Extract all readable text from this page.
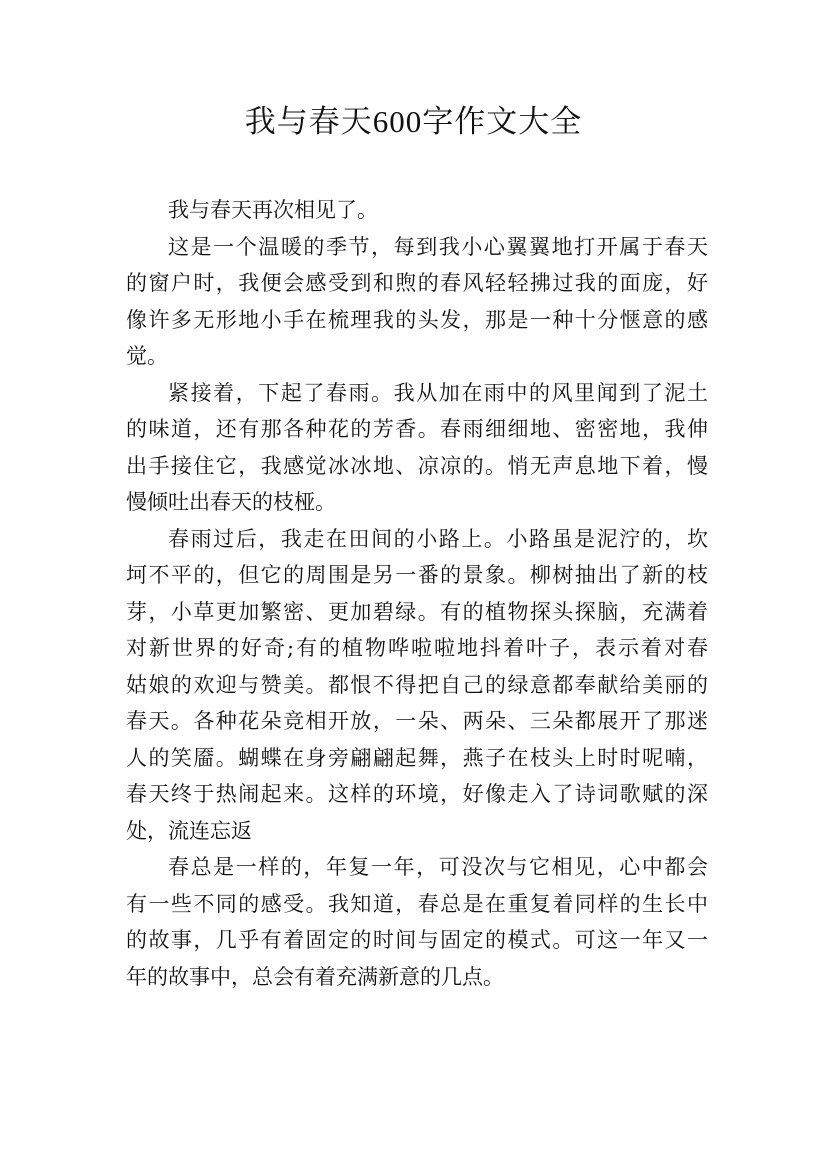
我与春天600字作文大全
我与春天再次相见了。
这是一个温暖的季节，每到我小心翼翼地打开属于春天
的窗户时，我便会感受到和煦的春风轻轻拂过我的面庞，好
像许多无形地小手在梳理我的头发，那是一种十分惬意的感
觉。
紧接着，下起了春雨。我从加在雨中的风里闻到了泥土
的味道，还有那各种花的芳香。春雨细细地、密密地，我伸
出手接住它，我感觉冰冰地、凉凉的。悄无声息地下着，慢
慢倾吐出春天的枝桠。
春雨过后，我走在田间的小路上。小路虽是泥泞的，坎
坷不平的，但它的周围是另一番的景象。柳树抽出了新的枝
芽，小草更加繁密、更加碧绿。有的植物探头探脑，充满着
对新世界的好奇;有的植物哗啦啦地抖着叶子，表示着对春
姑娘的欢迎与赞美。都恨不得把自己的绿意都奉献给美丽的
春天。各种花朵竞相开放，一朵、两朵、三朵都展开了那迷
人的笑靥。蝴蝶在身旁翩翩起舞，燕子在枝头上时时呢喃，
春天终于热闹起来。这样的环境，好像走入了诗词歌赋的深
处，流连忘返
春总是一样的，年复一年，可没次与它相见，心中都会
有一些不同的感受。我知道，春总是在重复着同样的生长中
的故事，几乎有着固定的时间与固定的模式。可这一年又一
年的故事中，总会有着充满新意的几点。
